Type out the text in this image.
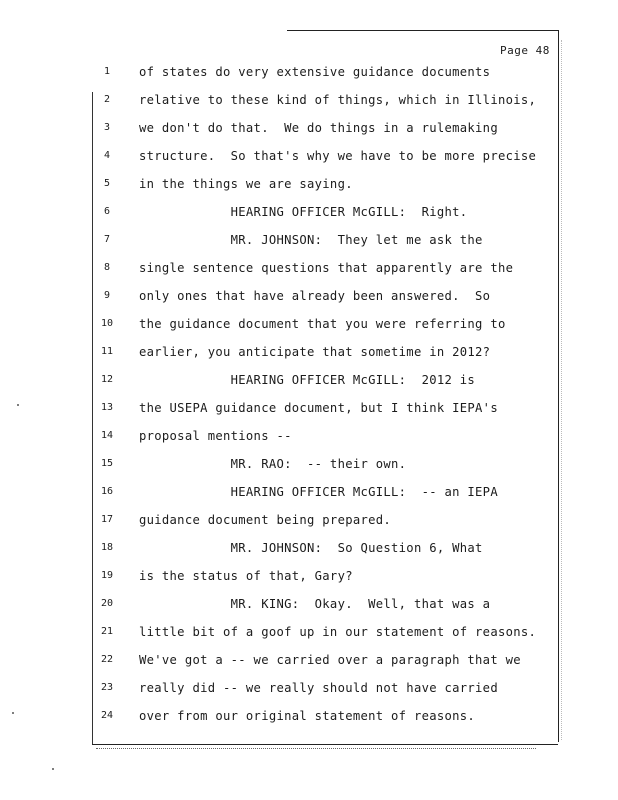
Page 48
1	of states do very extensive guidance documents
2	relative to these kind of things, which in Illinois,
3	we don't do that.  We do things in a rulemaking
4	structure.  So that's why we have to be more precise
5	in the things we are saying.
6	HEARING OFFICER McGILL:  Right.
7	MR. JOHNSON:  They let me ask the
8	single sentence questions that apparently are the
9	only ones that have already been answered.  So
10	the guidance document that you were referring to
11	earlier, you anticipate that sometime in 2012?
12	HEARING OFFICER McGILL:  2012 is
13	the USEPA guidance document, but I think IEPA's
14	proposal mentions --
15	MR. RAO:  -- their own.
16	HEARING OFFICER McGILL:  -- an IEPA
17	guidance document being prepared.
18	MR. JOHNSON:  So Question 6, What
19	is the status of that, Gary?
20	MR. KING:  Okay.  Well, that was a
21	little bit of a goof up in our statement of reasons.
22	We've got a -- we carried over a paragraph that we
23	really did -- we really should not have carried
24	over from our original statement of reasons.
